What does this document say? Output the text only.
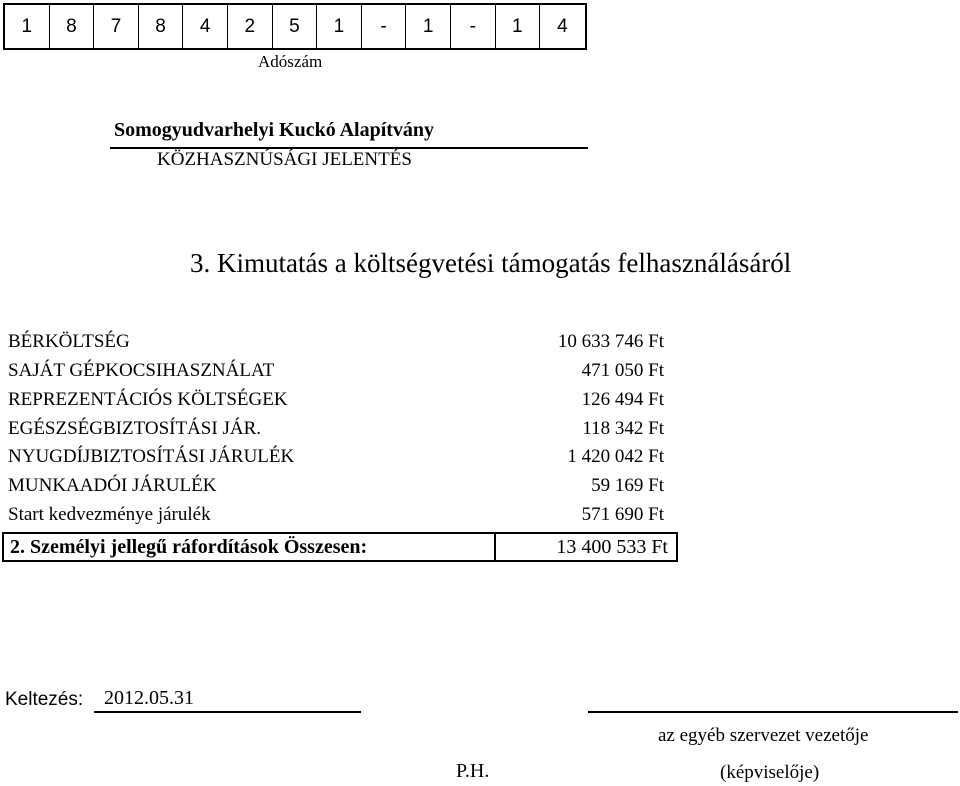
1	8	7	8	4	2	5	1	-	1	-	1	4
Adószám
Somogyudvarhelyi Kuckó Alapítvány
KÖZHASZNÚSÁGI JELENTÉS
3. Kimutatás a költségvetési támogatás felhasználásáról
BÉRKÖLTSÉG	10 633 746 Ft
SAJÁT GÉPKOCSIHASZNÁLAT	471 050 Ft
REPREZENTÁCIÓS KÖLTSÉGEK	126 494 Ft
EGÉSZSÉGBIZTOSÍTÁSI JÁR.	118 342 Ft
NYUGDÍJBIZTOSÍTÁSI JÁRULÉK	1 420 042 Ft
MUNKAADÓI JÁRULÉK	59 169 Ft
Start kedvezménye járulék	571 690 Ft
2. Személyi jellegű ráfordítások Összesen:	13 400 533 Ft
Keltezés: 2012.05.31
az egyéb szervezet vezetője
(képviselője)
P.H.
